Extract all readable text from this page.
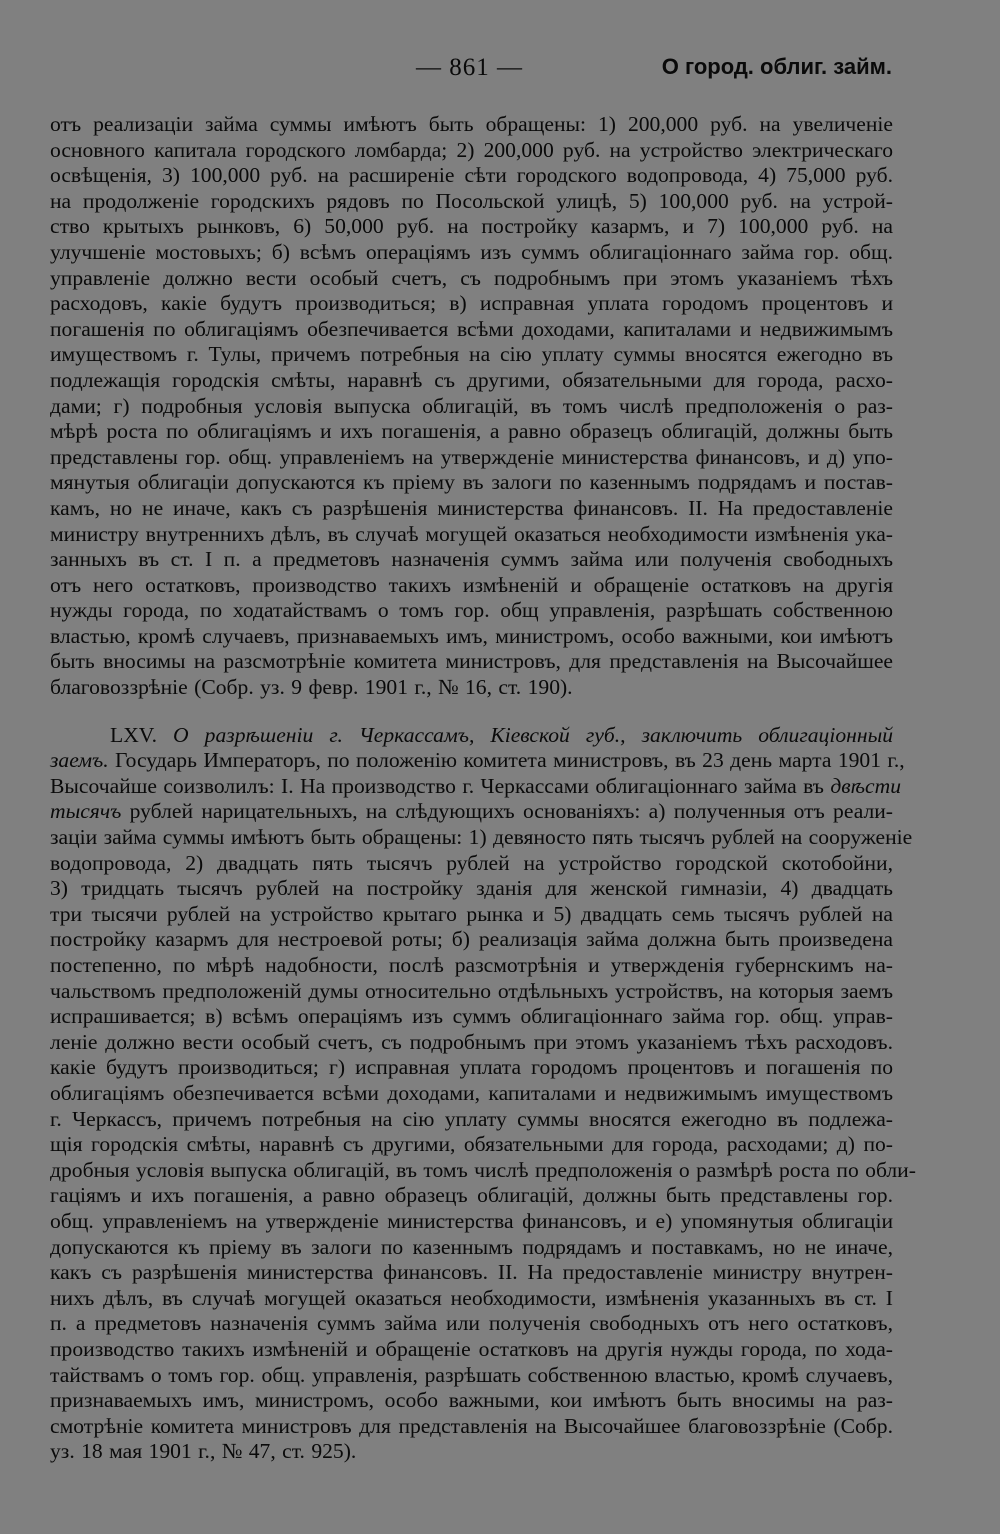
— 861 —	О город. облиг. займ.
отъ реализаціи займа суммы имѣютъ быть обращены: 1) 200,000 руб. на увеличеніе
основного капитала городского ломбарда; 2) 200,000 руб. на устройство электрическаго
освѣщенія, 3) 100,000 руб. на расширеніе сѣти городского водопровода, 4) 75,000 руб.
на продолженіе городскихъ рядовъ по Посольской улицѣ, 5) 100,000 руб. на устрой-
ство крытыхъ рынковъ, 6) 50,000 руб. на постройку казармъ, и 7) 100,000 руб. на
улучшеніе мостовыхъ; б) всѣмъ операціямъ изъ суммъ облигаціоннаго займа гор. общ.
управленіе должно вести особый счетъ, съ подробнымъ при этомъ указаніемъ тѣхъ
расходовъ, какіе будутъ производиться; в) исправная уплата городомъ процентовъ и
погашенія по облигаціямъ обезпечивается всѣми доходами, капиталами и недвижимымъ
имуществомъ г. Тулы, причемъ потребныя на сію уплату суммы вносятся ежегодно въ
подлежащія городскія смѣты, наравнѣ съ другими, обязательными для города, расхо-
дами; г) подробныя условія выпуска облигацій, въ томъ числѣ предположенія о раз-
мѣрѣ роста по облигаціямъ и ихъ погашенія, а равно образецъ облигацій, должны быть
представлены гор. общ. управленіемъ на утвержденіе министерства финансовъ, и д) упо-
мянутыя облигаціи допускаются къ пріему въ залоги по казеннымъ подрядамъ и постав-
камъ, но не иначе, какъ съ разрѣшенія министерства финансовъ. II. На предоставленіе
министру внутреннихъ дѣлъ, въ случаѣ могущей оказаться необходимости измѣненія ука-
занныхъ въ ст. I п. а предметовъ назначенія суммъ займа или полученія свободныхъ
отъ него остатковъ, производство такихъ измѣненій и обращеніе остатковъ на другія
нужды города, по ходатайствамъ о томъ гор. общ управленія, разрѣшать собственною
властью, кромѣ случаевъ, признаваемыхъ имъ, министромъ, особо важными, кои имѣютъ
быть вносимы на разсмотрѣніе комитета министровъ, для представленія на Высочайшее
благовоззрѣніе (Собр. уз. 9 февр. 1901 г., № 16, ст. 190).
LXV. О разрѣшеніи г. Черкассамъ, Кіевской губ., заключить облигаціонный
заемъ. Государь Императоръ, по положенію комитета министровъ, въ 23 день марта 1901 г.,
Высочайше соизволилъ: I. На производство г. Черкассами облигаціоннаго займа въ двѣсти
тысячъ рублей нарицательныхъ, на слѣдующихъ основаніяхъ: а) полученныя отъ реали-
заціи займа суммы имѣютъ быть обращены: 1) девяносто пять тысячъ рублей на сооруженіе
водопровода, 2) двадцать пять тысячъ рублей на устройство городской скотобойни,
3) тридцать тысячъ рублей на постройку зданія для женской гимназіи, 4) двадцать
три тысячи рублей на устройство крытаго рынка и 5) двадцать семь тысячъ рублей на
постройку казармъ для нестроевой роты; б) реализація займа должна быть произведена
постепенно, по мѣрѣ надобности, послѣ разсмотрѣнія и утвержденія губернскимъ на-
чальствомъ предположеній думы относительно отдѣльныхъ устройствъ, на которыя заемъ
испрашивается; в) всѣмъ операціямъ изъ суммъ облигаціоннаго займа гор. общ. управ-
леніе должно вести особый счетъ, съ подробнымъ при этомъ указаніемъ тѣхъ расходовъ.
какіе будутъ производиться; г) исправная уплата городомъ процентовъ и погашенія по
облигаціямъ обезпечивается всѣми доходами, капиталами и недвижимымъ имуществомъ
г. Черкассъ, причемъ потребныя на сію уплату суммы вносятся ежегодно въ подлежа-
щія городскія смѣты, наравнѣ съ другими, обязательными для города, расходами; д) по-
дробныя условія выпуска облигацій, въ томъ числѣ предположенія о размѣрѣ роста по обли-
гаціямъ и ихъ погашенія, а равно образецъ облигацій, должны быть представлены гор.
общ. управленіемъ на утвержденіе министерства финансовъ, и е) упомянутыя облигаціи
допускаются къ пріему въ залоги по казеннымъ подрядамъ и поставкамъ, но не иначе,
какъ съ разрѣшенія министерства финансовъ. II. На предоставленіе министру внутрен-
нихъ дѣлъ, въ случаѣ могущей оказаться необходимости, измѣненія указанныхъ въ ст. I
п. а предметовъ назначенія суммъ займа или полученія свободныхъ отъ него остатковъ,
производство такихъ измѣненій и обращеніе остатковъ на другія нужды города, по хода-
тайствамъ о томъ гор. общ. управленія, разрѣшать собственною властью, кромѣ случаевъ,
признаваемыхъ имъ, министромъ, особо важными, кои имѣютъ быть вносимы на раз-
смотрѣніе комитета министровъ для представленія на Высочайшее благовоззрѣніе (Собр.
уз. 18 мая 1901 г., № 47, ст. 925).
